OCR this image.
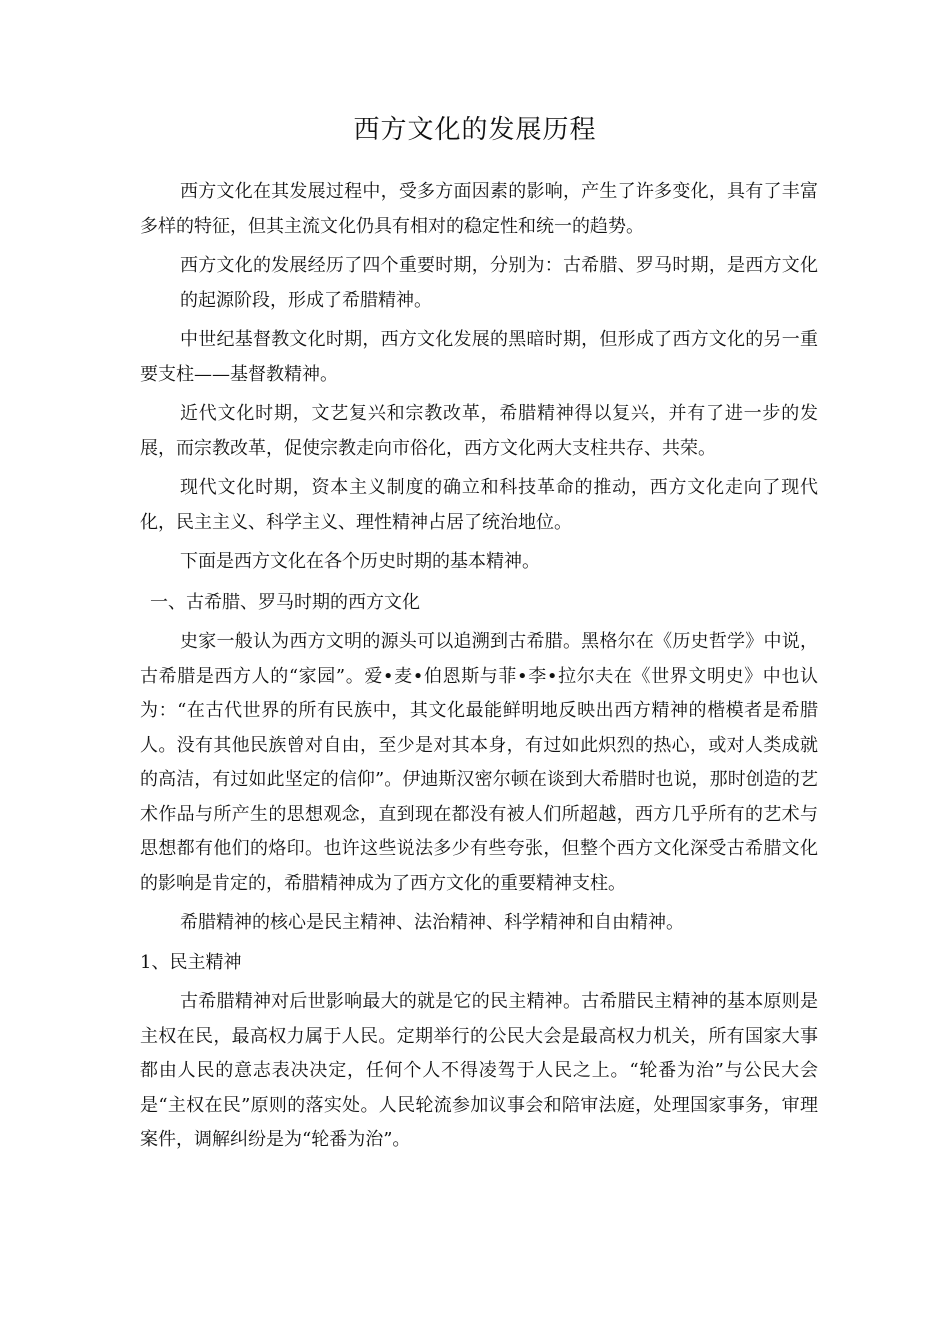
西方文化的发展历程

西方文化在其发展过程中，受多方面因素的影响，产生了许多变化，具有了丰富多样的特征，但其主流文化仍具有相对的稳定性和统一的趋势。

西方文化的发展经历了四个重要时期，分别为：古希腊、罗马时期，是西方文化的起源阶段，形成了希腊精神。

中世纪基督教文化时期，西方文化发展的黑暗时期，但形成了西方文化的另一重要支柱——基督教精神。

近代文化时期，文艺复兴和宗教改革，希腊精神得以复兴，并有了进一步的发展，而宗教改革，促使宗教走向市俗化，西方文化两大支柱共存、共荣。

现代文化时期，资本主义制度的确立和科技革命的推动，西方文化走向了现代化，民主主义、科学主义、理性精神占居了统治地位。

下面是西方文化在各个历史时期的基本精神。

一、古希腊、罗马时期的西方文化

史家一般认为西方文明的源头可以追溯到古希腊。黑格尔在《历史哲学》中说，古希腊是西方人的“家园”。爱•麦•伯恩斯与菲•李•拉尔夫在《世界文明史》中也认为：“在古代世界的所有民族中，其文化最能鲜明地反映出西方精神的楷模者是希腊人。没有其他民族曾对自由，至少是对其本身，有过如此炽烈的热心，或对人类成就的高洁，有过如此坚定的信仰”。伊迪斯汉密尔顿在谈到大希腊时也说，那时创造的艺术作品与所产生的思想观念，直到现在都没有被人们所超越，西方几乎所有的艺术与思想都有他们的烙印。也许这些说法多少有些夸张，但整个西方文化深受古希腊文化的影响是肯定的，希腊精神成为了西方文化的重要精神支柱。

希腊精神的核心是民主精神、法治精神、科学精神和自由精神。

1、民主精神

古希腊精神对后世影响最大的就是它的民主精神。古希腊民主精神的基本原则是主权在民，最高权力属于人民。定期举行的公民大会是最高权力机关，所有国家大事都由人民的意志表决决定，任何个人不得凌驾于人民之上。“轮番为治”与公民大会是“主权在民”原则的落实处。人民轮流参加议事会和陪审法庭，处理国家事务，审理案件，调解纠纷是为“轮番为治”。
